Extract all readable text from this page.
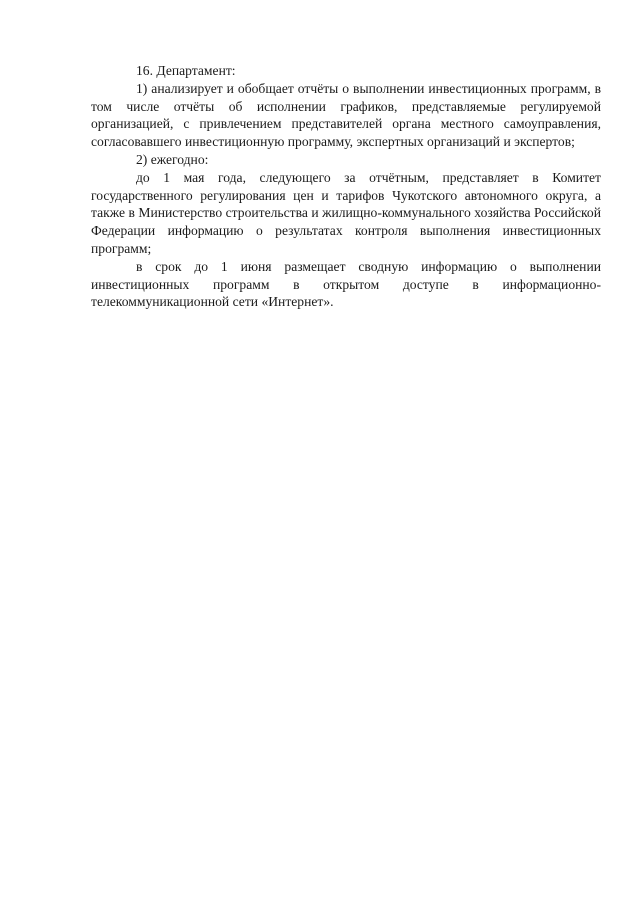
16. Департамент:

1) анализирует и обобщает отчёты о выполнении инвестиционных программ, в том числе отчёты об исполнении графиков, представляемые регулируемой организацией, с привлечением представителей органа местного самоуправления, согласовавшего инвестиционную программу, экспертных организаций и экспертов;

2) ежегодно:

до 1 мая года, следующего за отчётным, представляет в Комитет государственного регулирования цен и тарифов Чукотского автономного округа, а также в Министерство строительства и жилищно-коммунального хозяйства Российской Федерации информацию о результатах контроля выполнения инвестиционных программ;

в срок до 1 июня размещает сводную информацию о выполнении инвестиционных программ в открытом доступе в информационно-телекоммуникационной сети «Интернет».
